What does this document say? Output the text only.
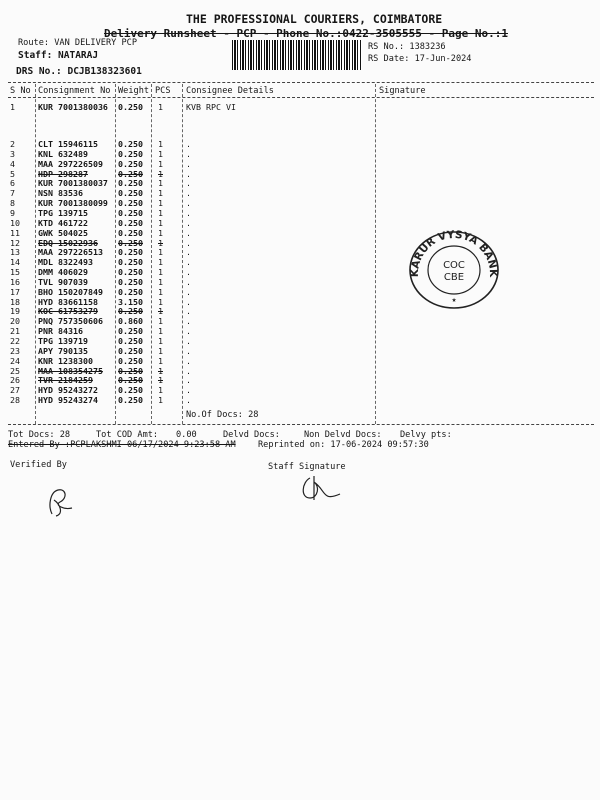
THE PROFESSIONAL COURIERS, COIMBATORE
Delivery Runsheet - PCP - Phone No.:0422-3505555 - Page No.:1
Route: VAN DELIVERY PCP
Staff: NATARAJ
DRS No.: DCJB138323601
RS No.: 1383236
RS Date: 17-Jun-2024
S No Consignment No Weight PCS Consignee Details	Signature
1	KUR 7001380036 0.250 1	KVB RPC VI
2	CLT 15946115 0.250 1	.
3	KNL 632489	0.250 1	.
4	MAA 297226509 0.250 1	.
5	HDP 298287	0.250 1	.
6	KUR 7001380037 0.250 1	.
7	NSN 83536	0.250 1	.
8	KUR 7001380099 0.250 1	.
9	TPG 139715	0.250 1	.
10 KTD 461722	0.250 1	.
11 GWK 504025	0.250 1	.
12 EDQ 15022936 0.250 1	.
13 MAA 297226513 0.250 1	.
14 MDL 8322493	0.250 1	.
15 DMM 406029	0.250 1	.
16 TVL 907039	0.250 1	.
17 BHO 150207849 0.250 1	.
18 HYD 83661158 3.150 1	.
19 KOC 61753279 0.250 1	.
20 PNQ 757350606 0.860 1	.
21 PNR 84316	0.250 1	.
22 TPG 139719	0.250 1	.
23 APY 790135	0.250 1	.
24 KNR 1238300	0.250 1	.
25 MAA 108354275 0.250 1	.
26 TVR 2184259	0.250 1	.
27 HYD 95243272 0.250 1	.
28 HYD 95243274 0.250 1	.
No.Of Docs: 28
Tot Docs: 28	Tot COD Amt: 0.00	Delvd Docs:	Non Delvd Docs: Delvy pts:
Entered By :PCPLAKSHMI 06/17/2024 9:23:58 AM	Reprinted on: 17-06-2024 09:57:30
Verified By	Staff Signature
KARUR VYSYA BANK
COC
CBE
★
